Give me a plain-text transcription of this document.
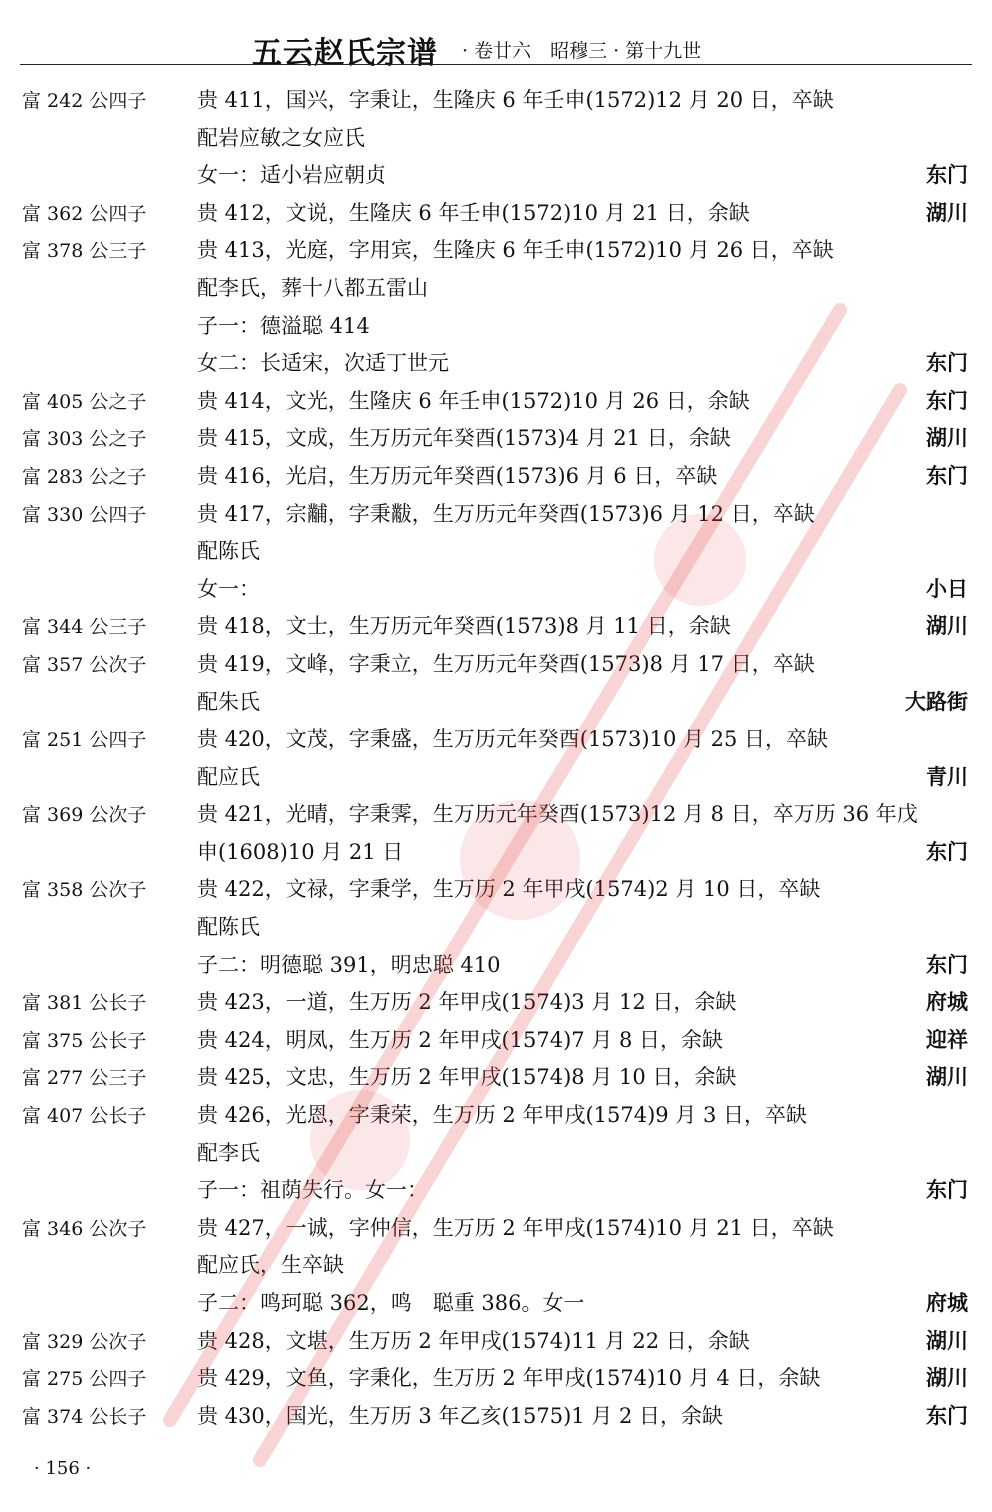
五云赵氏宗谱 · 卷廿六　昭穆三 · 第十九世
富 242 公四子 贵 411，国兴，字秉让，生隆庆 6 年壬申(1572)12 月 20 日，卒缺
配岩应敏之女应氏
女一：适小岩应朝贞	东门
富 362 公四子 贵 412，文说，生隆庆 6 年壬申(1572)10 月 21 日，余缺	湖川
富 378 公三子 贵 413，光庭，字用宾，生隆庆 6 年壬申(1572)10 月 26 日，卒缺
配李氏，葬十八都五雷山
子一：德溢聪 414
女二：长适宋，次适丁世元	东门
富 405 公之子 贵 414，文光，生隆庆 6 年壬申(1572)10 月 26 日，余缺	东门
富 303 公之子 贵 415，文成，生万历元年癸酉(1573)4 月 21 日，余缺	湖川
富 283 公之子 贵 416，光启，生万历元年癸酉(1573)6 月 6 日，卒缺	东门
富 330 公四子 贵 417，宗黼，字秉黻，生万历元年癸酉(1573)6 月 12 日，卒缺
配陈氏
女一：	小日
富 344 公三子 贵 418，文士，生万历元年癸酉(1573)8 月 11 日，余缺	湖川
富 357 公次子 贵 419，文峰，字秉立，生万历元年癸酉(1573)8 月 17 日，卒缺
配朱氏	大路街
富 251 公四子 贵 420，文茂，字秉盛，生万历元年癸酉(1573)10 月 25 日，卒缺
配应氏	青川
富 369 公次子 贵 421，光晴，字秉霁，生万历元年癸酉(1573)12 月 8 日，卒万历 36 年戊
申(1608)10 月 21 日	东门
富 358 公次子 贵 422，文禄，字秉学，生万历 2 年甲戌(1574)2 月 10 日，卒缺
配陈氏
子二：明德聪 391，明忠聪 410	东门
富 381 公长子 贵 423，一道，生万历 2 年甲戌(1574)3 月 12 日，余缺	府城
富 375 公长子 贵 424，明凤，生万历 2 年甲戌(1574)7 月 8 日，余缺	迎祥
富 277 公三子 贵 425，文忠，生万历 2 年甲戌(1574)8 月 10 日，余缺	湖川
富 407 公长子 贵 426，光恩，字秉荣，生万历 2 年甲戌(1574)9 月 3 日，卒缺
配李氏
子一：祖荫失行。女一：	东门
富 346 公次子 贵 427，一诚，字仲信，生万历 2 年甲戌(1574)10 月 21 日，卒缺
配应氏，生卒缺
子二：鸣珂聪 362，鸣　聪重 386。女一	府城
富 329 公次子 贵 428，文堪，生万历 2 年甲戌(1574)11 月 22 日，余缺	湖川
富 275 公四子 贵 429，文鱼，字秉化，生万历 2 年甲戌(1574)10 月 4 日，余缺	湖川
富 374 公长子 贵 430，国光，生万历 3 年乙亥(1575)1 月 2 日，余缺	东门
· 156 ·
